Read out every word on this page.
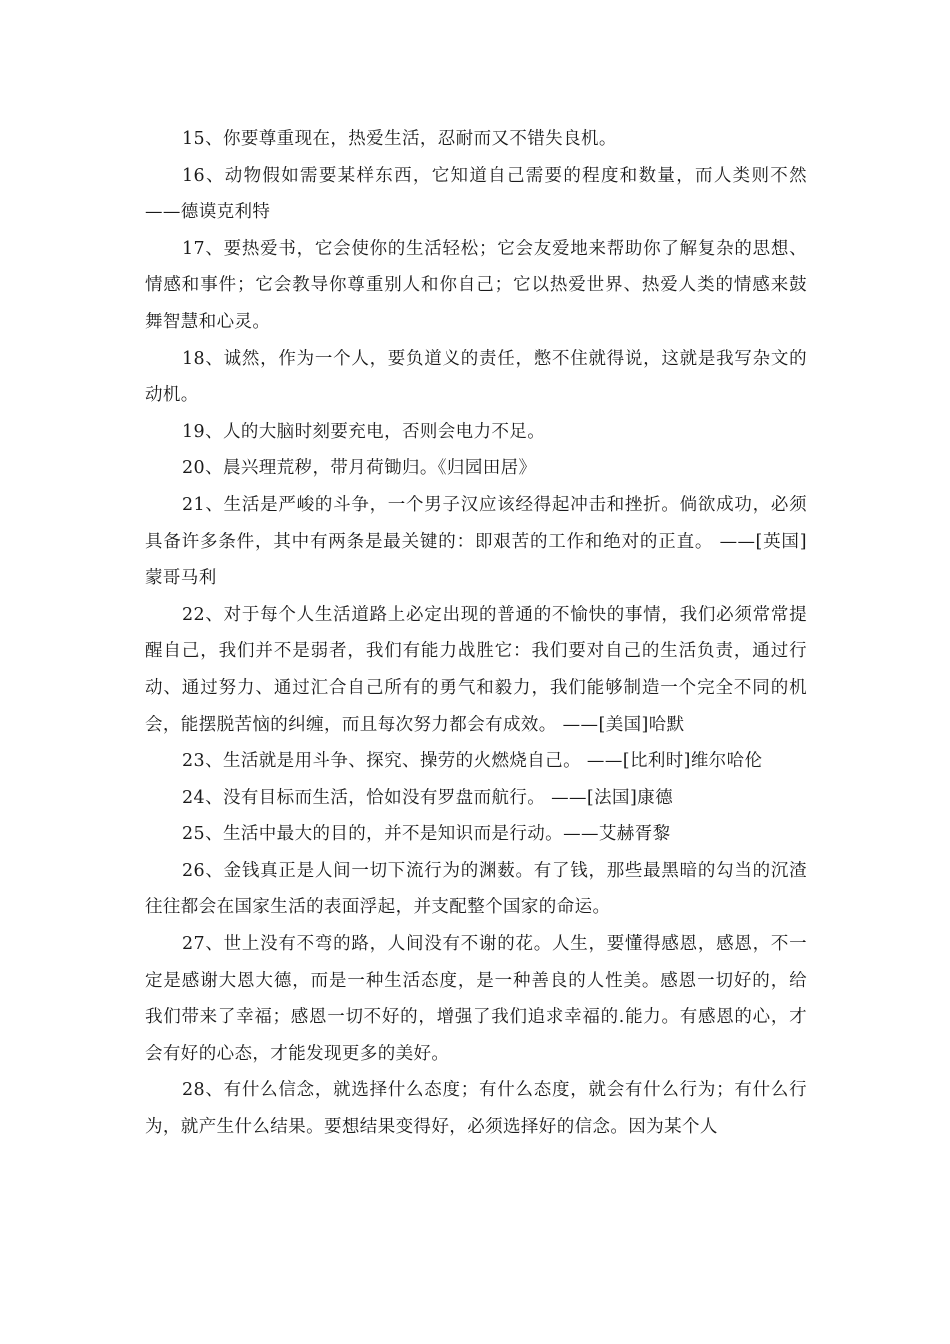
15、你要尊重现在，热爱生活，忍耐而又不错失良机。

16、动物假如需要某样东西，它知道自己需要的程度和数量，而人类则不然——德谟克利特

17、要热爱书，它会使你的生活轻松；它会友爱地来帮助你了解复杂的思想、情感和事件；它会教导你尊重别人和你自己；它以热爱世界、热爱人类的情感来鼓舞智慧和心灵。

18、诚然，作为一个人，要负道义的责任，憋不住就得说，这就是我写杂文的动机。

19、人的大脑时刻要充电，否则会电力不足。

20、晨兴理荒秽，带月荷锄归。《归园田居》

21、生活是严峻的斗争，一个男子汉应该经得起冲击和挫折。倘欲成功，必须具备许多条件，其中有两条是最关键的：即艰苦的工作和绝对的正直。 ——[英国]蒙哥马利

22、对于每个人生活道路上必定出现的普通的不愉快的事情，我们必须常常提醒自己，我们并不是弱者，我们有能力战胜它：我们要对自己的生活负责，通过行动、通过努力、通过汇合自己所有的勇气和毅力，我们能够制造一个完全不同的机会，能摆脱苦恼的纠缠，而且每次努力都会有成效。 ——[美国]哈默

23、生活就是用斗争、探究、操劳的火燃烧自己。 ——[比利时]维尔哈伦

24、没有目标而生活，恰如没有罗盘而航行。 ——[法国]康德

25、生活中最大的目的，并不是知识而是行动。——艾赫胥黎

26、金钱真正是人间一切下流行为的渊薮。有了钱，那些最黑暗的勾当的沉渣往往都会在国家生活的表面浮起，并支配整个国家的命运。

27、世上没有不弯的路，人间没有不谢的花。人生，要懂得感恩，感恩，不一定是感谢大恩大德，而是一种生活态度，是一种善良的人性美。感恩一切好的，给我们带来了幸福；感恩一切不好的，增强了我们追求幸福的.能力。有感恩的心，才会有好的心态，才能发现更多的美好。

28、有什么信念，就选择什么态度；有什么态度，就会有什么行为；有什么行为，就产生什么结果。要想结果变得好，必须选择好的信念。因为某个人
